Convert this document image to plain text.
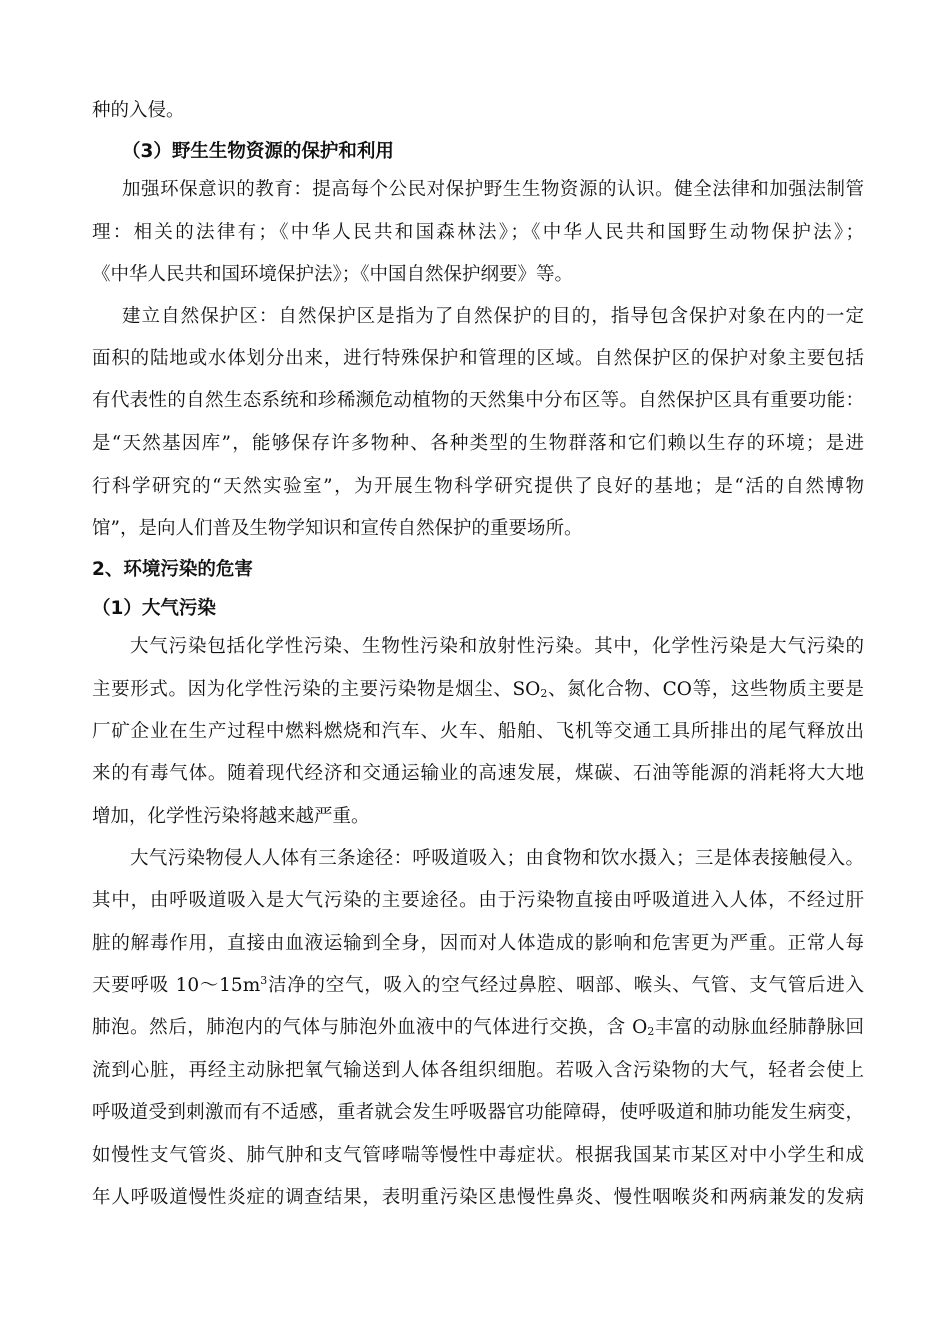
种的入侵。
（3）野生生物资源的保护和利用
加强环保意识的教育：提高每个公民对保护野生生物资源的认识。健全法律和加强法制管
理：相关的法律有；《中华人民共和国森林法》；《中华人民共和国野生动物保护法》；
《中华人民共和国环境保护法》；《中国自然保护纲要》等。
建立自然保护区：自然保护区是指为了自然保护的目的，指导包含保护对象在内的一定
面积的陆地或水体划分出来，进行特殊保护和管理的区域。自然保护区的保护对象主要包括
有代表性的自然生态系统和珍稀濒危动植物的天然集中分布区等。自然保护区具有重要功能：
是“天然基因库”，能够保存许多物种、各种类型的生物群落和它们赖以生存的环境；是进
行科学研究的“天然实验室”，为开展生物科学研究提供了良好的基地；是“活的自然博物
馆”，是向人们普及生物学知识和宣传自然保护的重要场所。
2、环境污染的危害
（1）大气污染
大气污染包括化学性污染、生物性污染和放射性污染。其中，化学性污染是大气污染的
主要形式。因为化学性污染的主要污染物是烟尘、$SO_2$、氮化合物、CO等，这些物质主要是
厂矿企业在生产过程中燃料燃烧和汽车、火车、船舶、飞机等交通工具所排出的尾气释放出
来的有毒气体。随着现代经济和交通运输业的高速发展，煤碳、石油等能源的消耗将大大地
增加，化学性污染将越来越严重。
大气污染物侵人人体有三条途径：呼吸道吸入；由食物和饮水摄入；三是体表接触侵入。
其中，由呼吸道吸入是大气污染的主要途径。由于污染物直接由呼吸道进入人体，不经过肝
脏的解毒作用，直接由血液运输到全身，因而对人体造成的影响和危害更为严重。正常人每
天要呼吸 $10\sim 15m^3$洁净的空气，吸入的空气经过鼻腔、咽部、喉头、气管、支气管后进入
肺泡。然后，肺泡内的气体与肺泡外血液中的气体进行交换，含 $O_2$丰富的动脉血经肺静脉回
流到心脏，再经主动脉把氧气输送到人体各组织细胞。若吸入含污染物的大气，轻者会使上
呼吸道受到刺激而有不适感，重者就会发生呼吸器官功能障碍，使呼吸道和肺功能发生病变，
如慢性支气管炎、肺气肿和支气管哮喘等慢性中毒症状。根据我国某市某区对中小学生和成
年人呼吸道慢性炎症的调查结果，表明重污染区患慢性鼻炎、慢性咽喉炎和两病兼发的发病
